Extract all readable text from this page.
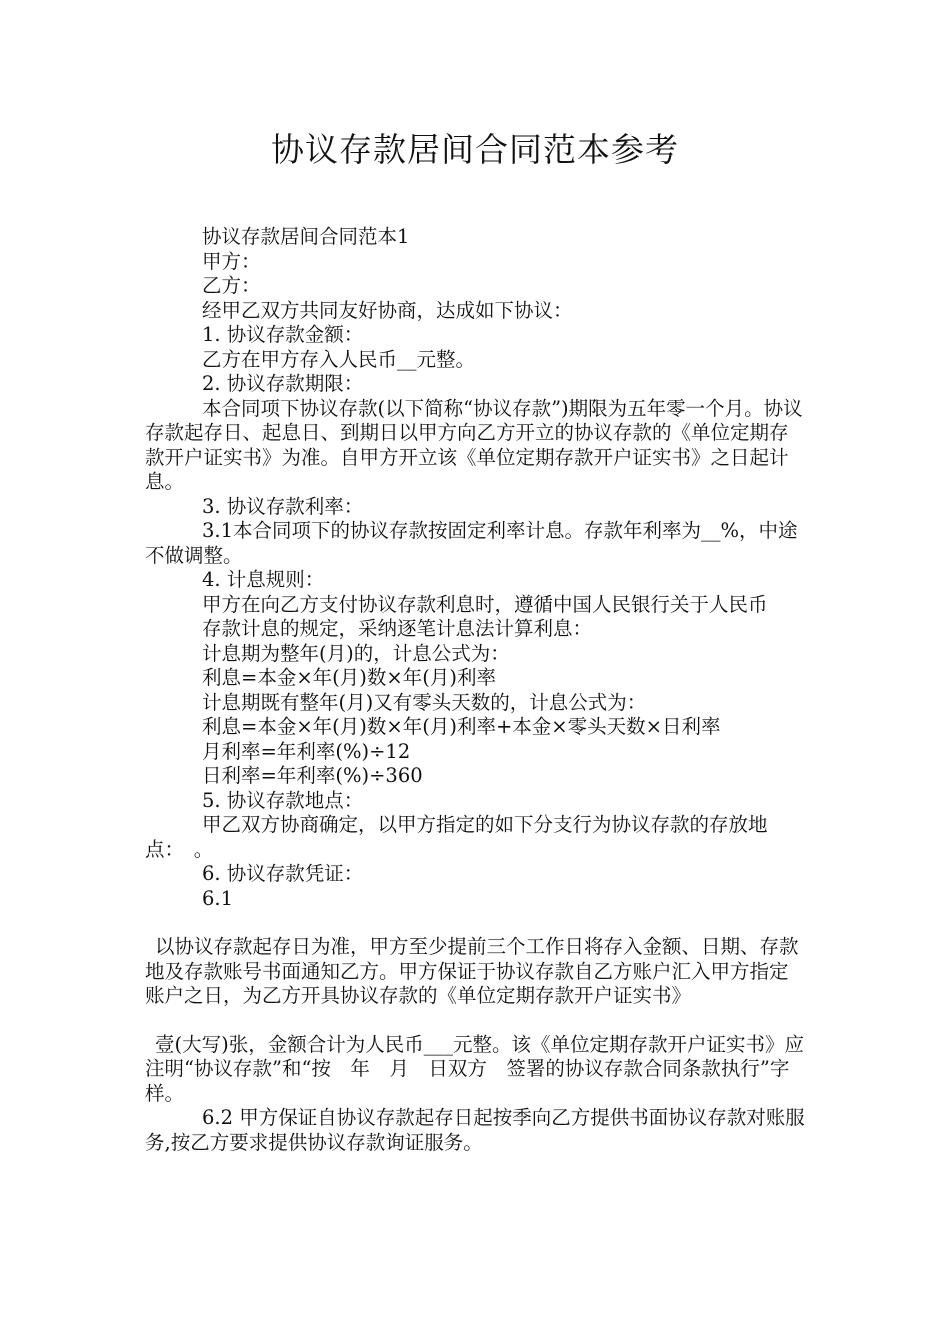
协议存款居间合同范本参考

协议存款居间合同范本1

甲方：

乙方：

经甲乙双方共同友好协商，达成如下协议：

1. 协议存款金额：

乙方在甲方存入人民币__元整。

2. 协议存款期限：

本合同项下协议存款(以下简称“协议存款”)期限为五年零一个月。协议存款起存日、起息日、到期日以甲方向乙方开立的协议存款的《单位定期存款开户证实书》为准。自甲方开立该《单位定期存款开户证实书》之日起计息。

3. 协议存款利率：

3.1本合同项下的协议存款按固定利率计息。存款年利率为__%，中途不做调整。

4. 计息规则：

甲方在向乙方支付协议存款利息时，遵循中国人民银行关于人民币

存款计息的规定，采纳逐笔计息法计算利息：

计息期为整年(月)的，计息公式为：

利息=本金×年(月)数×年(月)利率

计息期既有整年(月)又有零头天数的，计息公式为：

利息=本金×年(月)数×年(月)利率+本金×零头天数×日利率

月利率=年利率(%)÷12

日利率=年利率(%)÷360

5. 协议存款地点：

甲乙双方协商确定，以甲方指定的如下分支行为协议存款的存放地点：　。

6. 协议存款凭证：

6.1

以协议存款起存日为准，甲方至少提前三个工作日将存入金额、日期、存款地及存款账号书面通知乙方。甲方保证于协议存款自乙方账户汇入甲方指定账户之日，为乙方开具协议存款的《单位定期存款开户证实书》

壹(大写)张，金额合计为人民币___元整。该《单位定期存款开户证实书》应注明“协议存款”和“按　年　月　日双方　签署的协议存款合同条款执行”字样。

6.2 甲方保证自协议存款起存日起按季向乙方提供书面协议存款对账服务,按乙方要求提供协议存款询证服务。
